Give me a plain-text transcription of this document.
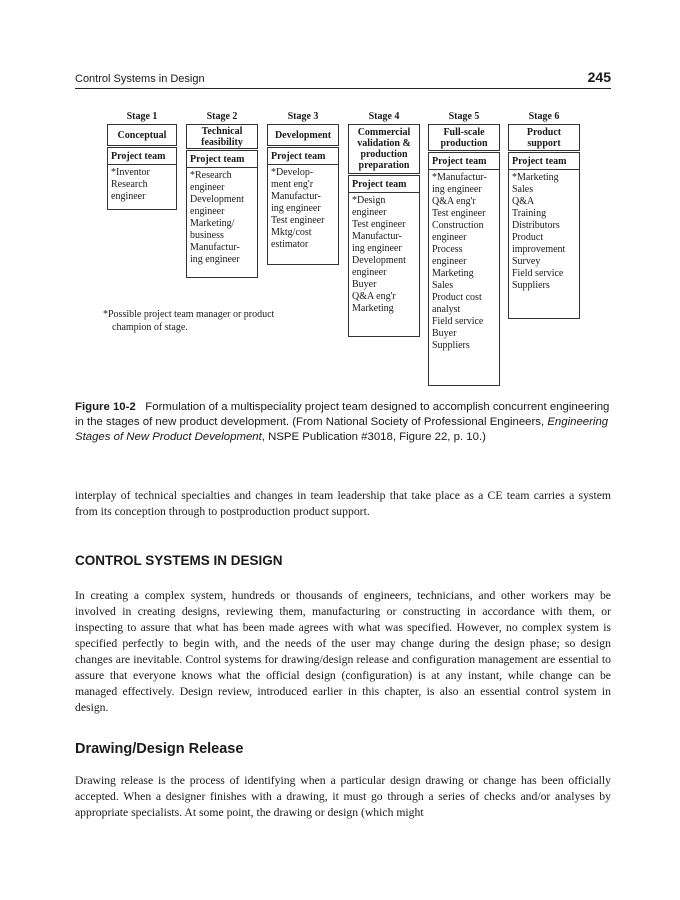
Control Systems in Design	245
Stage 1
Conceptual
Project team
*Inventor
Research
engineer
Stage 2
Technical feasibility
Project team
*Research
engineer
Development
engineer
Marketing/
business
Manufactur-
ing engineer
Stage 3
Development
Project team
*Develop-
ment eng'r
Manufactur-
ing engineer
Test engineer
Mktg/cost
estimator
Stage 4
Commercial validation & production preparation
Project team
*Design
engineer
Test engineer
Manufactur-
ing engineer
Development
engineer
Buyer
Q&A eng'r
Marketing
Stage 5
Full-scale production
Project team
*Manufactur-
ing engineer
Q&A eng'r
Test engineer
Construction
engineer
Process
engineer
Marketing
Sales
Product cost
analyst
Field service
Buyer
Suppliers
Stage 6
Product support
Project team
*Marketing
Sales
Q&A
Training
Distributors
Product
improvement
Survey
Field service
Suppliers
*Possible project team manager or product
champion of stage.
Figure 10-2 Formulation of a multispeciality project team designed to accomplish concurrent engineering in the stages of new product development. (From National Society of Professional Engineers, Engineering Stages of New Product Development, NSPE Publication #3018, Figure 22, p. 10.)
interplay of technical specialties and changes in team leadership that take place as a CE team carries a system from its conception through to postproduction product support.
CONTROL SYSTEMS IN DESIGN
In creating a complex system, hundreds or thousands of engineers, technicians, and other workers may be involved in creating designs, reviewing them, manufacturing or constructing in accordance with them, or inspecting to assure that what has been made agrees with what was specified. However, no complex system is specified perfectly to begin with, and the needs of the user may change during the design phase; so design changes are inevitable. Control systems for drawing/design release and configuration management are essential to assure that everyone knows what the official design (configuration) is at any instant, while change can be managed effectively. Design review, introduced earlier in this chapter, is also an essential control system in design.
Drawing/Design Release
Drawing release is the process of identifying when a particular design drawing or change has been officially accepted. When a designer finishes with a drawing, it must go through a series of checks and/or analyses by appropriate specialists. At some point, the drawing or design (which might
